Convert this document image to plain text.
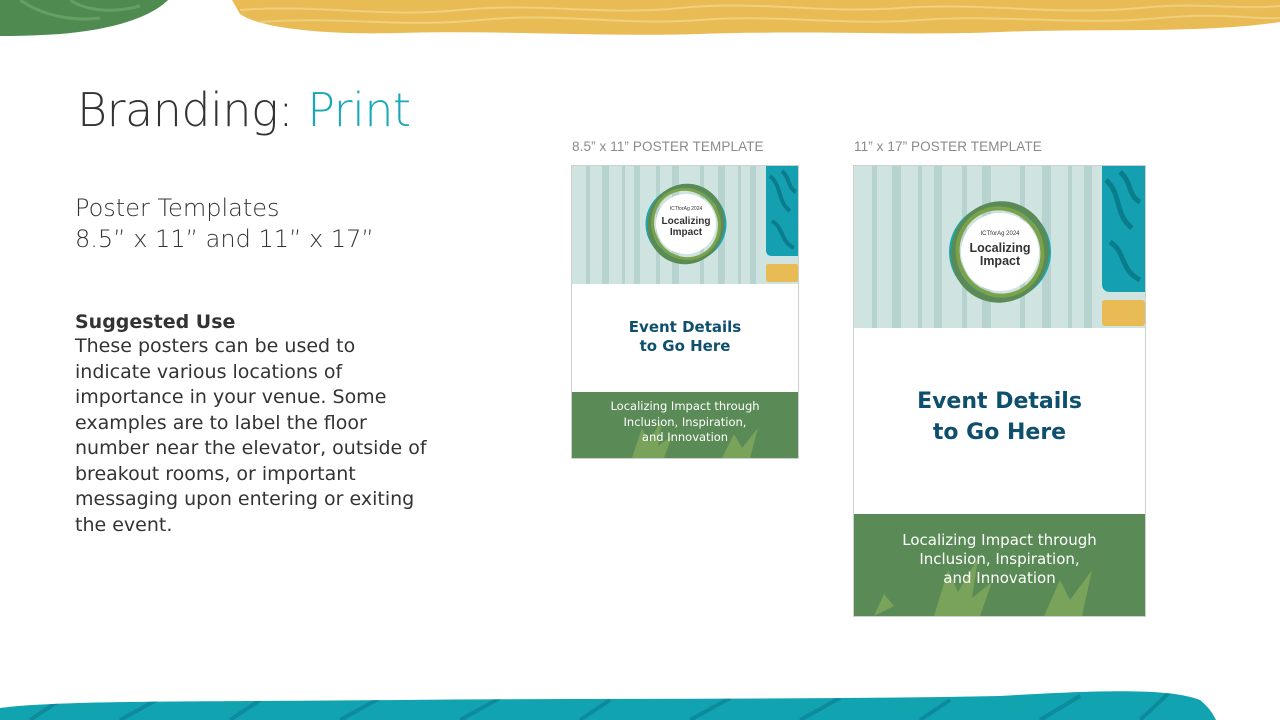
Branding: Print
Poster Templates
8.5” x 11” and 11” x 17”
Suggested Use

These posters can be used to indicate various locations of importance in your venue. Some examples are to label the floor number near the elevator, outside of breakout rooms, or important messaging upon entering or exiting the event.

8.5” x 11” POSTER TEMPLATE
ICTforAg 2024
Localizing
Impact
Event Details
to Go Here
Localizing Impact through
Inclusion, Inspiration,
and Innovation
11” x 17” POSTER TEMPLATE
ICTforAg 2024
Localizing
Impact
Event Details
to Go Here
Localizing Impact through
Inclusion, Inspiration,
and Innovation
